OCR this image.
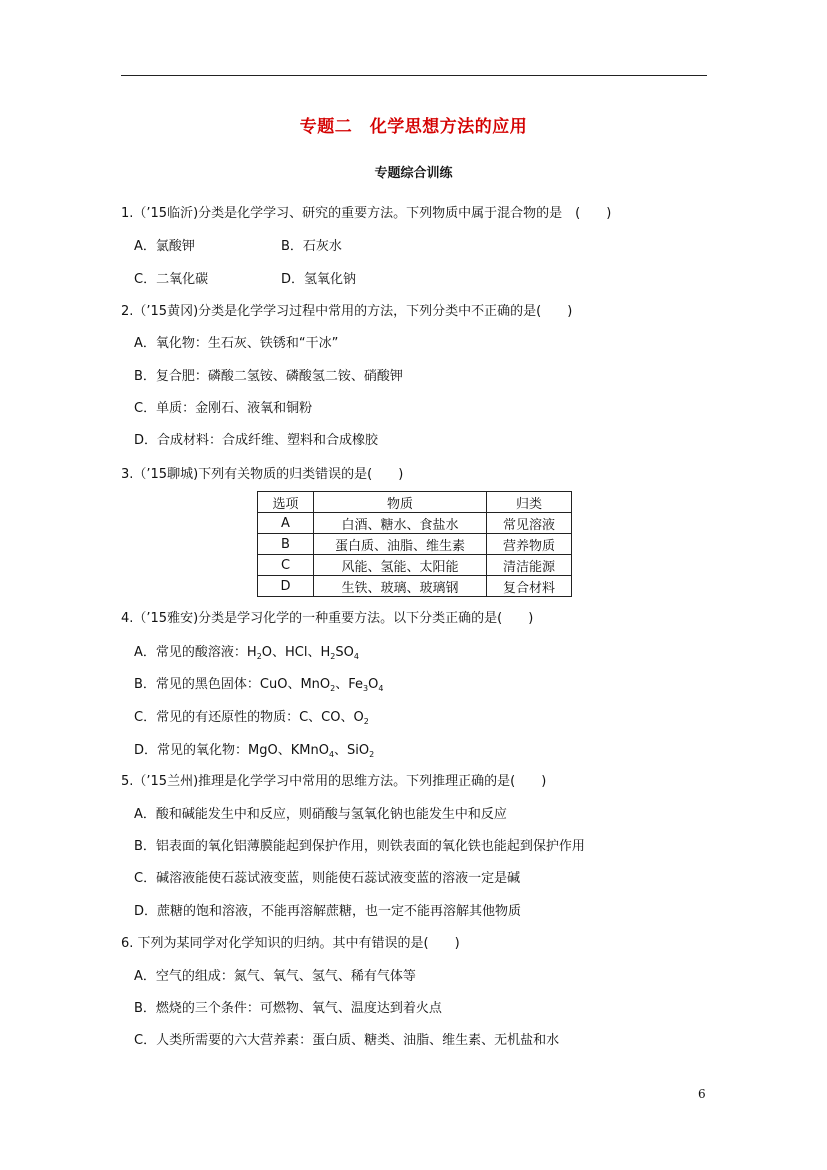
专题二　化学思想方法的应用
专题综合训练
1.（’15临沂)分类是化学学习、研究的重要方法。下列物质中属于混合物的是　(　　)
A．氯酸钾	B．石灰水
C．二氧化碳	D．氢氧化钠
2.（’15黄冈)分类是化学学习过程中常用的方法，下列分类中不正确的是(　　)
A．氧化物：生石灰、铁锈和“干冰”
B．复合肥：磷酸二氢铵、磷酸氢二铵、硝酸钾
C．单质：金刚石、液氧和铜粉
D．合成材料：合成纤维、塑料和合成橡胶
3.（’15聊城)下列有关物质的归类错误的是(　　)
选项	物质	归类
A	白酒、糖水、食盐水	常见溶液
B	蛋白质、油脂、维生素	营养物质
C	风能、氢能、太阳能	清洁能源
D	生铁、玻璃、玻璃钢	复合材料
4.（’15雅安)分类是学习化学的一种重要方法。以下分类正确的是(　　)
A．常见的酸溶液：$H_2O$、HCl、$H_2SO_4$
B．常见的黑色固体：CuO、MnO$_2$、$Fe_3O_4$
C．常见的有还原性的物质：C、CO、$O_2$
D．常见的氧化物：MgO、KMnO$_4$、SiO$_2$
5.（’15兰州)推理是化学学习中常用的思维方法。下列推理正确的是(　　)
A．酸和碱能发生中和反应，则硝酸与氢氧化钠也能发生中和反应
B．铝表面的氧化铝薄膜能起到保护作用，则铁表面的氧化铁也能起到保护作用
C．碱溶液能使石蕊试液变蓝，则能使石蕊试液变蓝的溶液一定是碱
D．蔗糖的饱和溶液，不能再溶解蔗糖，也一定不能再溶解其他物质
6. 下列为某同学对化学知识的归纳。其中有错误的是(　　)
A．空气的组成：氮气、氧气、氢气、稀有气体等
B．燃烧的三个条件：可燃物、氧气、温度达到着火点
C．人类所需要的六大营养素：蛋白质、糖类、油脂、维生素、无机盐和水
6
